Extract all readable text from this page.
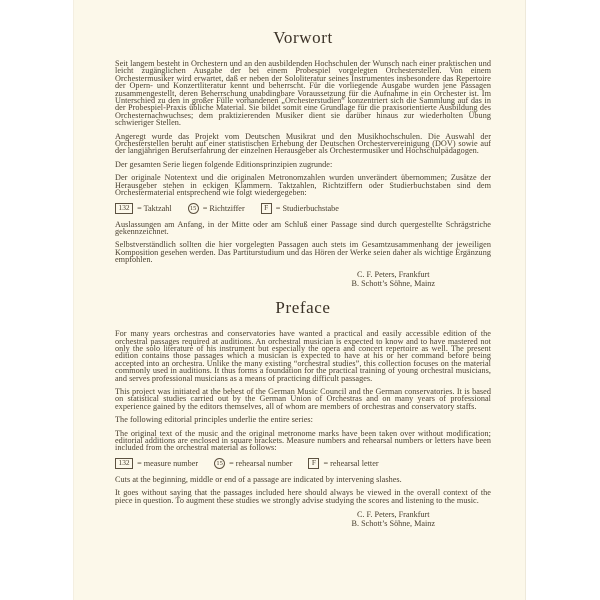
Vorwort

Seit langem besteht in Orchestern und an den ausbildenden Hochschulen der Wunsch nach einer praktischen und leicht zugänglichen Ausgabe der bei einem Probespiel vorgelegten Orchesterstellen. Von einem Orchestermusiker wird erwartet, daß er neben der Sololiteratur seines Instrumentes insbesondere das Repertoire der Opern- und Konzertliteratur kennt und beherrscht. Für die vorliegende Ausgabe wurden jene Passagen zusammengestellt, deren Beherrschung unabdingbare Voraussetzung für die Aufnahme in ein Orchester ist. Im Unterschied zu den in großer Fülle vorhandenen „Orchesterstudien“ konzentriert sich die Sammlung auf das in der Probespiel-Praxis übliche Material. Sie bildet somit eine Grundlage für die praxisorientierte Ausbildung des Orchesternachwuchses; dem praktizierenden Musiker dient sie darüber hinaus zur wiederholten Übung schwieriger Stellen.

Angeregt wurde das Projekt vom Deutschen Musikrat und den Musikhochschulen. Die Auswahl der Orchesterstellen beruht auf einer statistischen Erhebung der Deutschen Orchestervereinigung (DOV) sowie auf der langjährigen Berufserfahrung der einzelnen Herausgeber als Orchestermusiker und Hochschulpädagogen.

Der gesamten Serie liegen folgende Editionsprinzipien zugrunde:

Der originale Notentext und die originalen Metronomzahlen wurden unverändert übernommen; Zusätze der Herausgeber stehen in eckigen Klammern. Taktzahlen, Richtziffern oder Studierbuchstaben sind dem Orchestermaterial entsprechend wie folgt wiedergegeben:

132 = Taktzahl	15 = Richtziffer	F = Studierbuchstabe

Auslassungen am Anfang, in der Mitte oder am Schluß einer Passage sind durch quergestellte Schrägstriche gekennzeichnet.

Selbstverständlich sollten die hier vorgelegten Passagen auch stets im Gesamtzusammenhang der jeweiligen Komposition gesehen werden. Das Partiturstudium und das Hören der Werke seien daher als wichtige Ergänzung empfohlen.

C. F. Peters, Frankfurt
B. Schott’s Söhne, Mainz
Preface

For many years orchestras and conservatories have wanted a practical and easily accessible edition of the orchestral passages required at auditions. An orchestral musician is expected to know and to have mastered not only the solo literature of his instrument but especially the opera and concert repertoire as well. The present edition contains those passages which a musician is expected to have at his or her command before being accepted into an orchestra. Unlike the many existing “orchestral studies”, this collection focuses on the material commonly used in auditions. It thus forms a foundation for the practical training of young orchestral musicians, and serves professional musicians as a means of practicing difficult passages.

This project was initiated at the behest of the German Music Council and the German conservatories. It is based on statistical studies carried out by the German Union of Orchestras and on many years of professional experience gained by the editors themselves, all of whom are members of orchestras and conservatory staffs.

The following editorial principles underlie the entire series:

The original text of the music and the original metronome marks have been taken over without modification; editorial additions are enclosed in square brackets. Measure numbers and rehearsal numbers or letters have been included from the orchestral material as follows:

132 = measure number	15 = rehearsal number	F = rehearsal letter

Cuts at the beginning, middle or end of a passage are indicated by intervening slashes.

It goes without saying that the passages included here should always be viewed in the overall context of the piece in question. To augment these studies we strongly advise studying the scores and listening to the music.

C. F. Peters, Frankfurt
B. Schott’s Söhne, Mainz
